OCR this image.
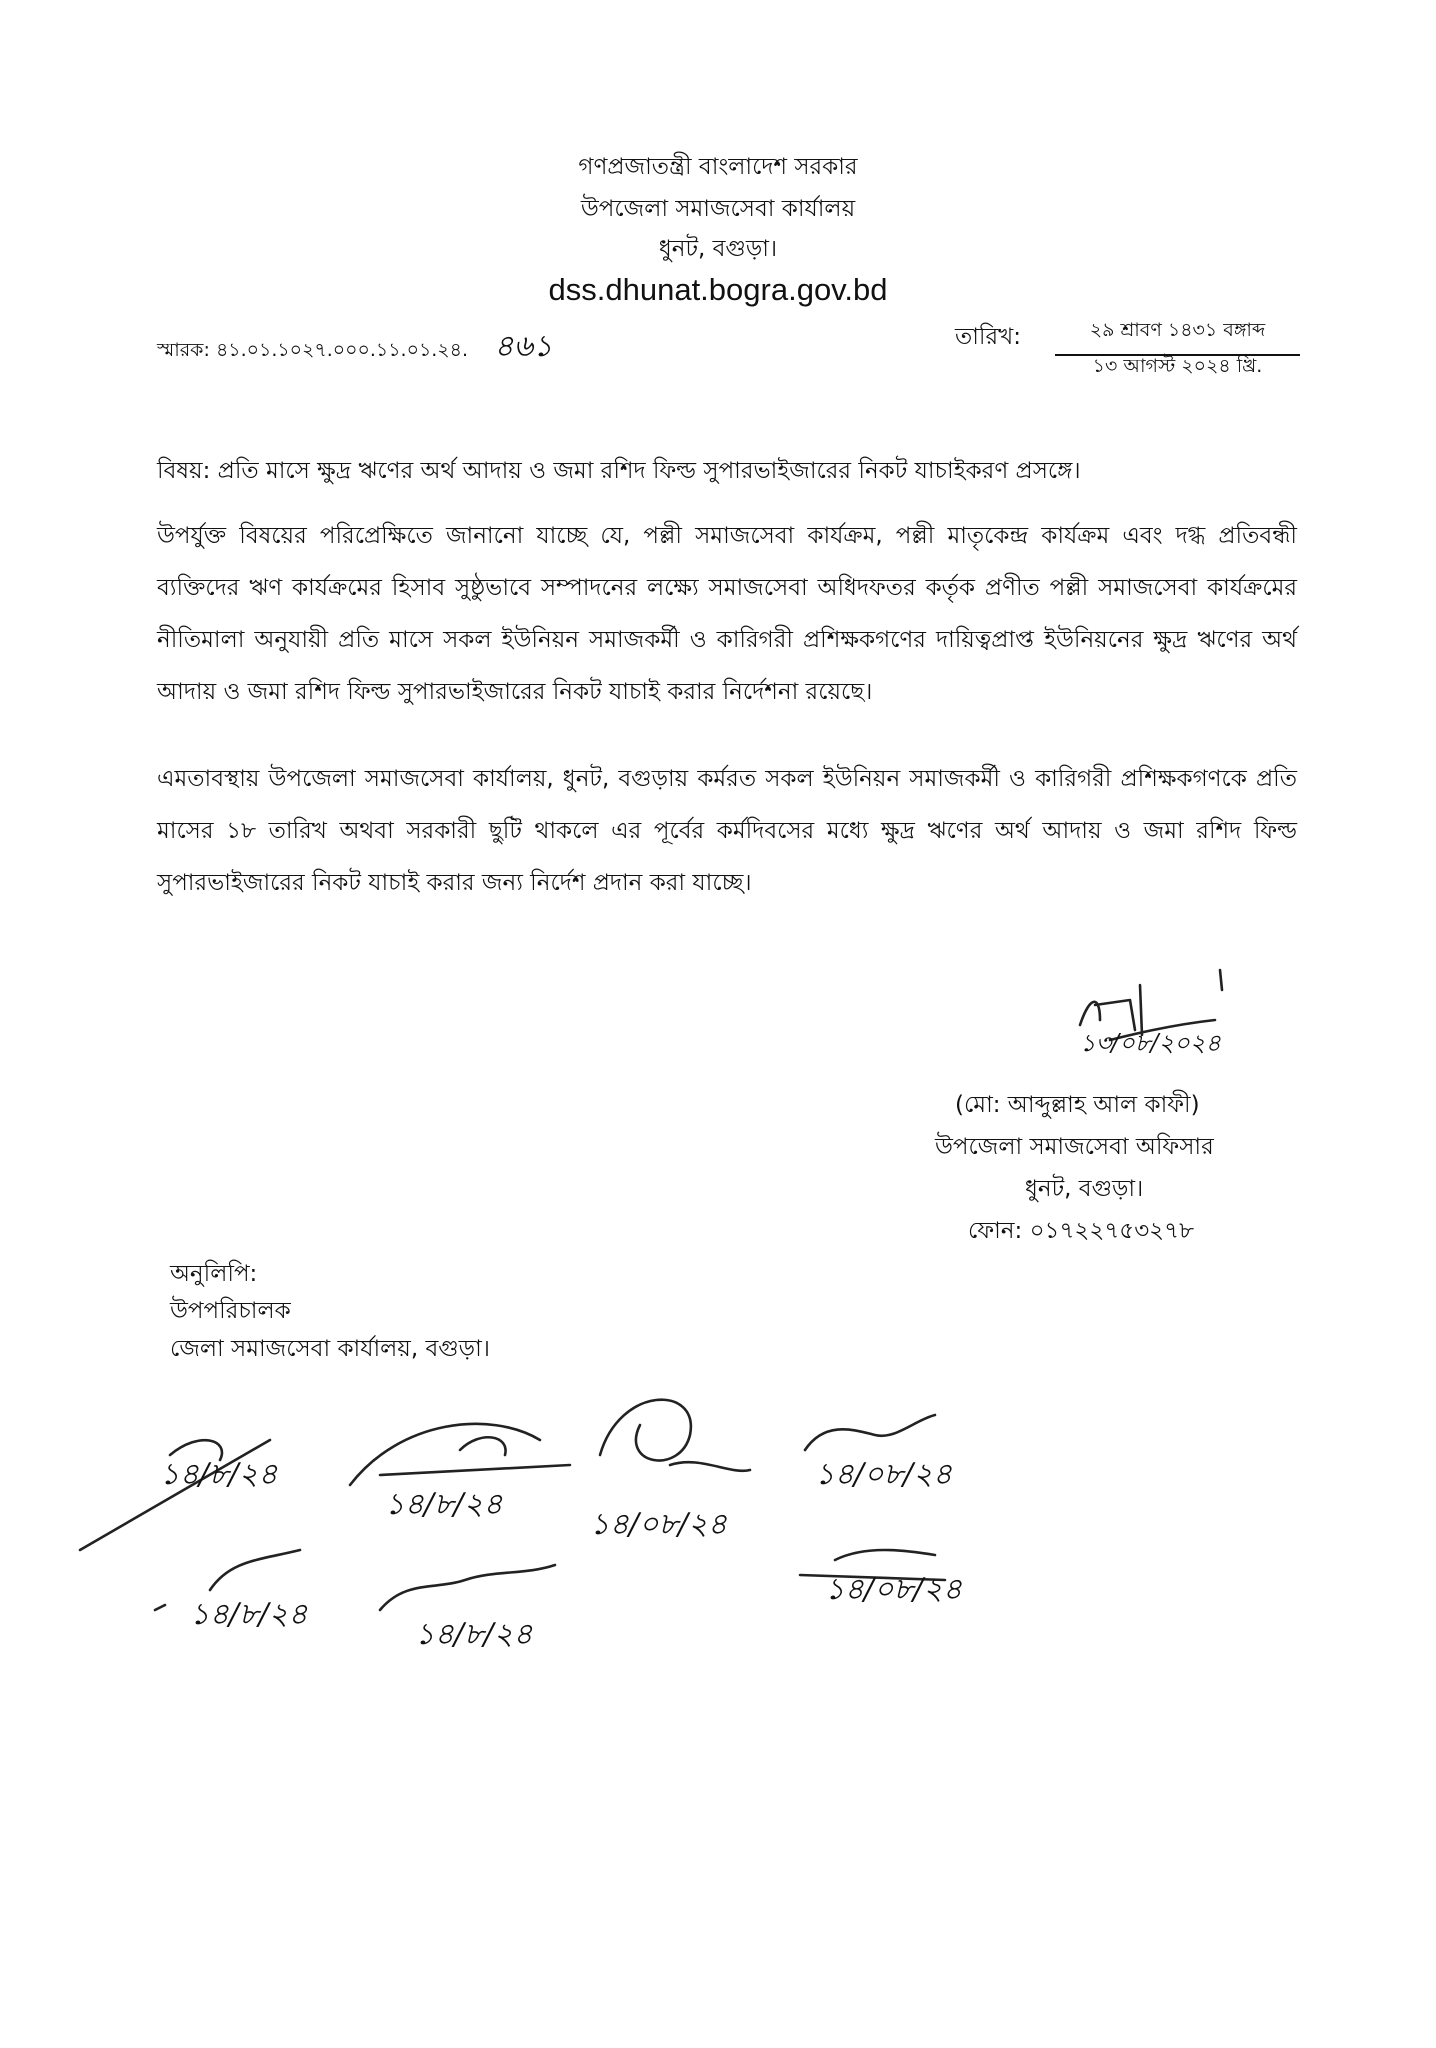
গণপ্রজাতন্ত্রী বাংলাদেশ সরকার
উপজেলা সমাজসেবা কার্যালয়
ধুনট, বগুড়া।
dss.dhunat.bogra.gov.bd
স্মারক: ৪১.০১.১০২৭.০০০.১১.০১.২৪. ৪৬১	তারিখ:	২৯ শ্রাবণ ১৪৩১ বঙ্গাব্দ
১৩ আগস্ট ২০২৪ খ্রি.
বিষয়: প্রতি মাসে ক্ষুদ্র ঋণের অর্থ আদায় ও জমা রশিদ ফিল্ড সুপারভাইজারের নিকট যাচাইকরণ প্রসঙ্গে।
উপর্যুক্ত বিষয়ের পরিপ্রেক্ষিতে জানানো যাচ্ছে যে, পল্লী সমাজসেবা কার্যক্রম, পল্লী মাতৃকেন্দ্র কার্যক্রম এবং দগ্ধ প্রতিবন্ধী ব্যক্তিদের ঋণ কার্যক্রমের হিসাব সুষ্ঠুভাবে সম্পাদনের লক্ষ্যে সমাজসেবা অধিদফতর কর্তৃক প্রণীত পল্লী সমাজসেবা কার্যক্রমের নীতিমালা অনুযায়ী প্রতি মাসে সকল ইউনিয়ন সমাজকর্মী ও কারিগরী প্রশিক্ষকগণের দায়িত্বপ্রাপ্ত ইউনিয়নের ক্ষুদ্র ঋণের অর্থ আদায় ও জমা রশিদ ফিল্ড সুপারভাইজারের নিকট যাচাই করার নির্দেশনা রয়েছে।
এমতাবস্থায় উপজেলা সমাজসেবা কার্যালয়, ধুনট, বগুড়ায় কর্মরত সকল ইউনিয়ন সমাজকর্মী ও কারিগরী প্রশিক্ষকগণকে প্রতি মাসের ১৮ তারিখ অথবা সরকারী ছুটি থাকলে এর পূর্বের কর্মদিবসের মধ্যে ক্ষুদ্র ঋণের অর্থ আদায় ও জমা রশিদ ফিল্ড সুপারভাইজারের নিকট যাচাই করার জন্য নির্দেশ প্রদান করা যাচ্ছে।
১৩/০৮/২০২৪
(মো: আব্দুল্লাহ আল কাফী)
উপজেলা সমাজসেবা অফিসার
ধুনট, বগুড়া।
ফোন: ০১৭২২৭৫৩২৭৮
অনুলিপি:
উপপরিচালক
জেলা সমাজসেবা কার্যালয়, বগুড়া।
১৪/৮/২৪
১৪/৮/২৪
১৪/০৮/২৪
১৪/০৮/২৪
১৪/৮/২৪
১৪/৮/২৪
১৪/০৮/২৪
